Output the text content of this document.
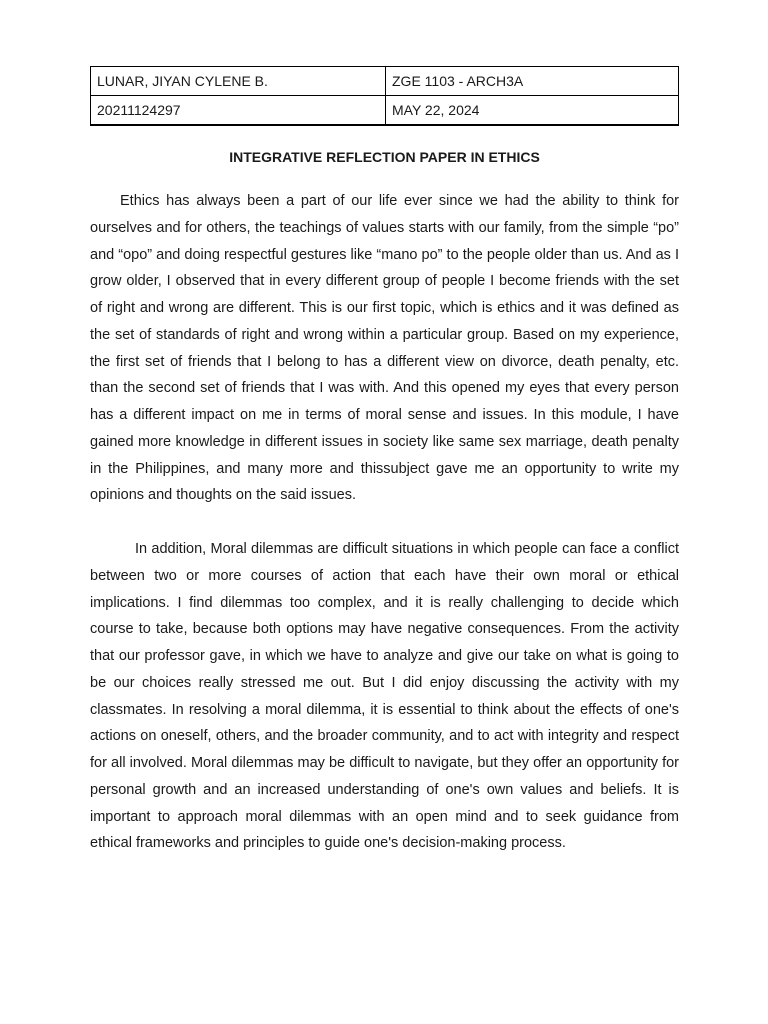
LUNAR, JIYAN CYLENE B.	ZGE 1103 - ARCH3A
20211124297	MAY 22, 2024
INTEGRATIVE REFLECTION PAPER IN ETHICS

Ethics has always been a part of our life ever since we had the ability to think for ourselves and for others, the teachings of values starts with our family, from the simple “po” and “opo” and doing respectful gestures like “mano po” to the people older than us. And as I grow older, I observed that in every different group of people I become friends with the set of right and wrong are different. This is our first topic, which is ethics and it was defined as the set of standards of right and wrong within a particular group. Based on my experience, the first set of friends that I belong to has a different view on divorce, death penalty, etc. than the second set of friends that I was with. And this opened my eyes that every person has a different impact on me in terms of moral sense and issues. In this module, I have gained more knowledge in different issues in society like same sex marriage, death penalty in the Philippines, and many more and thissubject gave me an opportunity to write my opinions and thoughts on the said issues.

In addition, Moral dilemmas are difficult situations in which people can face a conflict between two or more courses of action that each have their own moral or ethical implications. I find dilemmas too complex, and it is really challenging to decide which course to take, because both options may have negative consequences. From the activity that our professor gave, in which we have to analyze and give our take on what is going to be our choices really stressed me out. But I did enjoy discussing the activity with my classmates. In resolving a moral dilemma, it is essential to think about the effects of one's actions on oneself, others, and the broader community, and to act with integrity and respect for all involved. Moral dilemmas may be difficult to navigate, but they offer an opportunity for personal growth and an increased understanding of one's own values and beliefs. It is important to approach moral dilemmas with an open mind and to seek guidance from ethical frameworks and principles to guide one's decision-making process.
